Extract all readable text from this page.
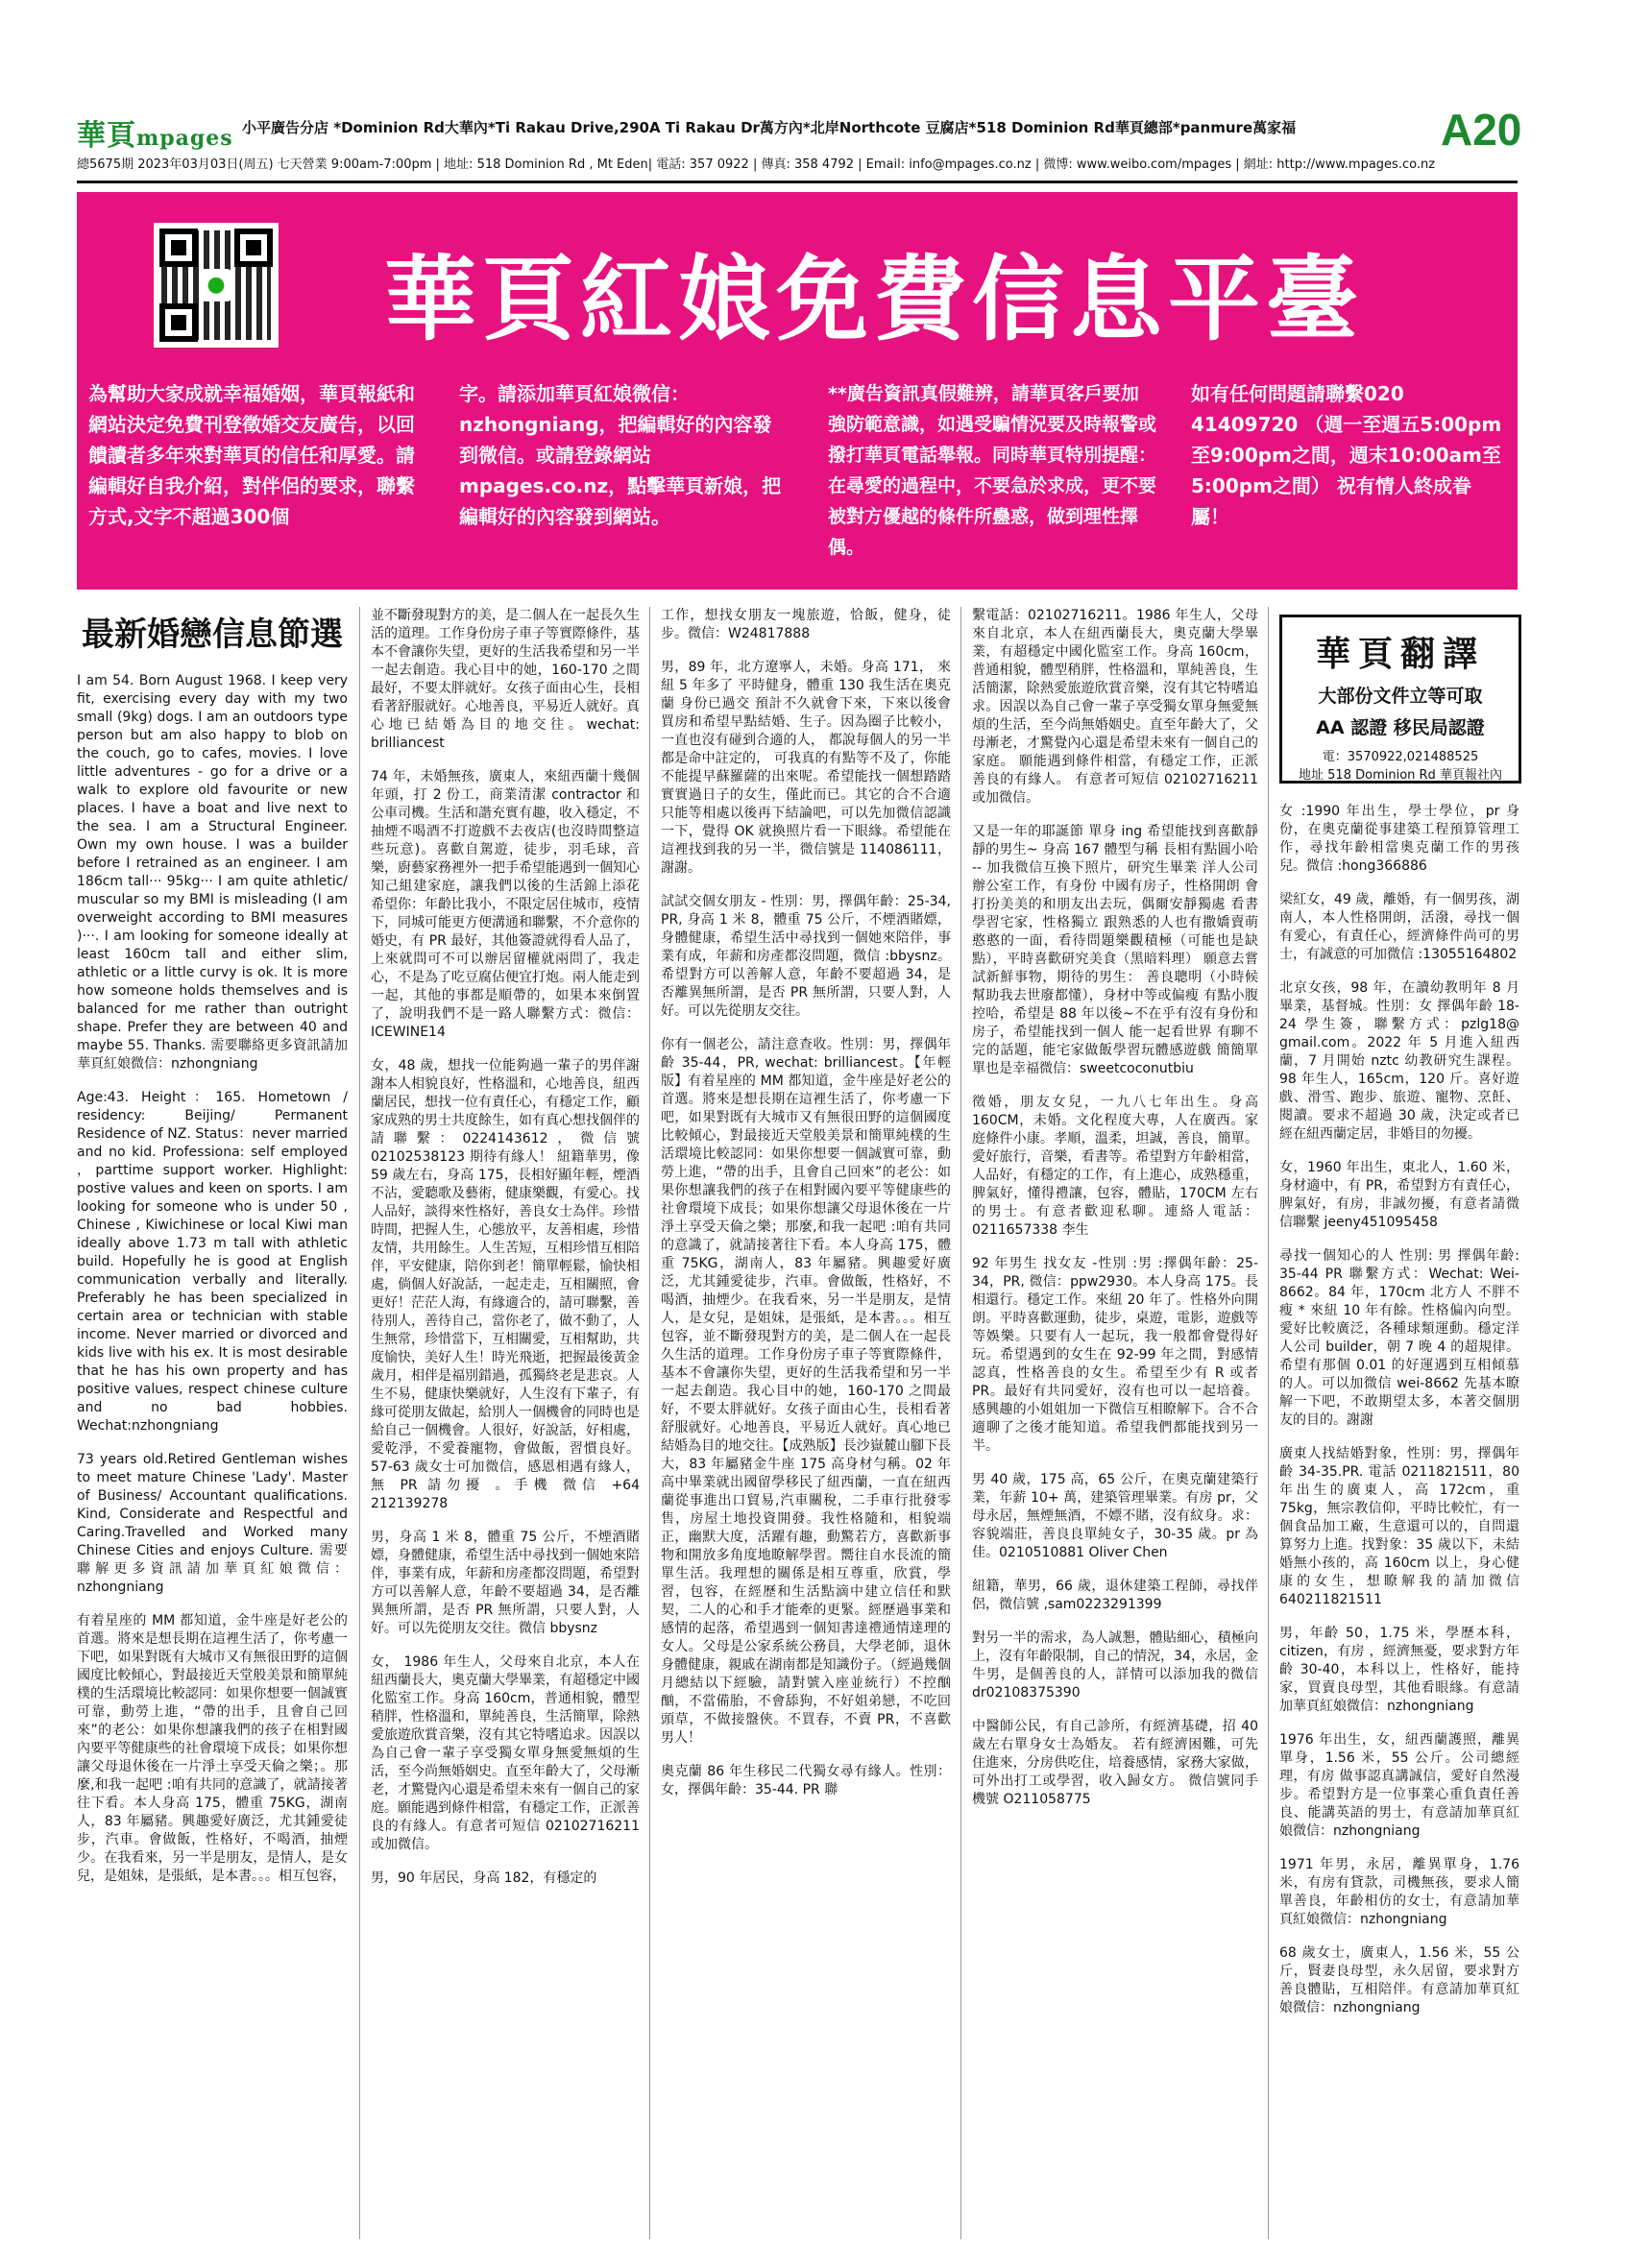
華頁mpages 小平廣告分店 *Dominion Rd大華內*Ti Rakau Drive,290A Ti Rakau Dr萬方內*北岸Northcote 豆腐店*518 Dominion Rd華頁總部*panmure萬家福
總5675期 2023年03月03日(周五) 七天營業 9:00am-7:00pm | 地址: 518 Dominion Rd , Mt Eden| 電話: 357 0922 | 傳真: 358 4792 | Email: info@mpages.co.nz | 微博: www.weibo.com/mpages | 網址: http://www.mpages.co.nz
A20
● 華頁紅娘免費信息平臺
為幫助大家成就幸福婚姻，華頁報紙和網站決定免費刊登徵婚交友廣告，以回饋讀者多年來對華頁的信任和厚愛。請編輯好自我介紹，對伴侶的要求，聯繫方式,文字不超過300個
字。請添加華頁紅娘微信：nzhongniang，把編輯好的內容發到微信。或請登錄網站 mpages.co.nz，點擊華頁新娘，把編輯好的內容發到網站。
**廣告資訊真假難辨，請華頁客戶要加強防範意識，如遇受騙情況要及時報警或撥打華頁電話舉報。同時華頁特別提醒：在尋愛的過程中，不要急於求成，更不要被對方優越的條件所蠱惑，做到理性擇偶。
如有任何問題請聯繫020 41409720 （週一至週五5:00pm至9:00pm之間，週末10:00am至5:00pm之間） 祝有情人終成眷屬！
最新婚戀信息節選

I am 54. Born August 1968. I keep very fit, exercising every day with my two small (9kg) dogs. I am an outdoors type person but am also happy to blob on the couch, go to cafes, movies. I love little adventures - go for a drive or a walk to explore old favourite or new places. I have a boat and live next to the sea. I am a Structural Engineer. Own my own house. I was a builder before I retrained as an engineer. I am 186cm tall··· 95kg··· I am quite athletic/ muscular so my BMI is misleading (I am overweight according to BMI measures )···. I am looking for someone ideally at least 160cm tall and either slim, athletic or a little curvy is ok. It is more how someone holds themselves and is balanced for me rather than outright shape. Prefer they are between 40 and maybe 55. Thanks. 需要聯絡更多資訊請加華頁紅娘微信：nzhongniang

Age:43. Height：165. Hometown / residency: Beijing/ Permanent Residence of NZ. Status：never married and no kid. Professiona: self employed ，parttime support worker. Highlight: postive values and keen on sports. I am looking for someone who is under 50 , Chinese , Kiwichinese or local Kiwi man ideally above 1.73 m tall with athletic build. Hopefully he is good at English communication verbally and literally. Preferably he has been specialized in certain area or technician with stable income. Never married or divorced and kids live with his ex. It is most desirable that he has his own property and has positive values, respect chinese culture and no bad hobbies. Wechat:nzhongniang

73 years old.Retired Gentleman wishes to meet mature Chinese 'Lady'. Master of Business/ Accountant qualifications. Kind, Considerate and Respectful and Caring.Travelled and Worked many Chinese Cities and enjoys Culture. 需要聯解更多資訊請加華頁紅娘微信：nzhongniang

有着星座的 MM 都知道，金牛座是好老公的首選。將來是想長期在這裡生活了，你考慮一下吧，如果對既有大城市又有無很田野的這個國度比較傾心，對最接近天堂般美景和簡單純樸的生活環境比較認同：如果你想要一個誠實可靠，動勞上進，“帶的出手，且會自己回來”的老公：如果你想讓我們的孩子在相對國內要平等健康些的社會環境下成長；如果你想讓父母退休後在一片淨土享受天倫之樂；。那麼,和我一起吧 :咱有共同的意識了，就請接著往下看。本人身高 175，體重 75KG，湖南人，83 年屬豬。興趣愛好廣泛，尤其鍾愛徒步，汽車。會做飯，性格好，不喝酒，抽煙少。在我看來，另一半是朋友，是情人，是女兒，是姐妹，是張紙，是本書。。。相互包容，

並不斷發現對方的美，是二個人在一起長久生活的道理。工作身份房子車子等實際條件，基本不會讓你失望，更好的生活我希望和另一半一起去創造。我心目中的她，160-170 之間最好，不要太胖就好。女孩子面由心生，長相看著舒服就好。心地善良，平易近人就好。真心地已結婚為目的地交往。wechat: brilliancest

74 年，未婚無孩，廣東人，來紐西蘭十幾個年頭，打 2 份工，商業清潔 contractor 和公車司機。生活和諧充實有趣，收入穩定，不抽煙不喝酒不打遊戲不去夜店(也沒時間整這些玩意)。喜歡自駕遊，徒步，羽毛球，音樂，廚藝家務裡外一把手希望能遇到一個知心知己組建家庭，讓我們以後的生活錦上添花 希望你：年齡比我小，不限定居住城市，疫情下，同城可能更方便溝通和聯繫，不介意你的婚史，有 PR 最好，其他簽證就得看人品了，上來就問可不可以辦居留權就兩問了，我走心，不是為了吃豆腐佔便宜打炮。兩人能走到一起，其他的事都是順帶的，如果本來倒置了，說明我們不是一路人聯繫方式：微信：ICEWINE14

女，48 歲，想找一位能夠過一輩子的男伴謝謝本人相貌良好，性格溫和，心地善良，紐西蘭居民，想找一位有責任心，有穩定工作，顧家成熟的男士共度餘生，如有真心想找個伴的請聯繫：0224143612，微信號 02102538123 期待有緣人！ 紐籍華男，像 59 歲左右，身高 175，長相好顯年輕，煙酒不沾，愛聽歌及藝術，健康樂觀，有愛心。找人品好，談得來性格好，善良女士為伴。珍惜時間，把握人生，心態放平，友善相處，珍惜友情，共用餘生。人生苦短，互相珍惜互相陪伴，平安健康，陪你到老！簡單輕鬆，愉快相處，倘個人好說話，一起走走，互相關照，會更好！茫茫人海，有緣適合的，請可聯繫，善待別人，善待自己，當你老了，做不動了，人生無常，珍惜當下，互相關愛，互相幫助，共度愉快，美好人生！時光飛逝，把握最後黃金歲月，相伴是福別錯過，孤獨終老是悲哀。人生不易，健康快樂就好，人生沒有下輩子，有緣可從朋友做起，給別人一個機會的同時也是給自己一個機會。人很好，好說話，好相處，愛乾淨，不愛養寵物，會做飯，習慣良好。57-63 歲女士可加微信，感恩相遇有緣人，無 PR 請勿擾 。手機 微信 +64 212139278

男，身高 1 米 8，體重 75 公斤，不煙酒賭嫖，身體健康，希望生活中尋找到一個她來陪伴，事業有成，年薪和房產都沒問題，希望對方可以善解人意，年齡不要超過 34，是否離異無所謂，是否 PR 無所謂，只要人對，人好。可以先從朋友交往。微信 bbysnz

女， 1986 年生人，父母來自北京，本人在紐西蘭長大，奧克蘭大學畢業，有超穩定中國化監室工作。身高 160cm，普通相貌，體型稍胖，性格溫和，單純善良，生活簡單，除熱愛旅遊欣賞音樂，沒有其它特嗜追求。因誤以為自己會一輩子享受獨女單身無愛無煩的生活，至今尚無婚姻史。直至年齡大了，父母漸老，才驚覺內心還是希望未來有一個自己的家庭。願能遇到條件相當，有穩定工作，正派善良的有緣人。有意者可短信 02102716211 或加微信。

男，90 年居民，身高 182，有穩定的

工作，想找女朋友一塊旅遊，恰飯，健身，徒步。微信：W24817888

男，89 年，北方遼寧人，未婚。身高 171， 來紐 5 年多了 平時健身，體重 130 我生活在奧克蘭 身份已過交 預計不久就會下來，下來以後會買房和希望早點結婚、生子。因為圈子比較小，一直也沒有碰到合適的人， 都說每個人的另一半都是命中註定的， 可我真的有點等不及了，你能不能提早蘇羅薩的出來呢。希望能找一個想踏踏實實過日子的女生，僅此而已。其它的合不合適只能等相處以後再下結論吧，可以先加微信認識一下，覺得 OK 就換照片看一下眼緣。希望能在這裡找到我的另一半，微信號是 114086111，謝謝。

試試交個女朋友 - 性別：男，擇偶年齡：25-34, PR, 身高 1 米 8，體重 75 公斤，不煙酒賭嫖，身體健康，希望生活中尋找到一個她來陪伴，事業有成，年薪和房產都沒問題，微信 :bbysnz。希望對方可以善解人意，年齡不要超過 34，是否離異無所謂，是否 PR 無所謂，只要人對，人好。可以先從朋友交往。

你有一個老公，請注意查收。性別：男，擇偶年齡 35-44，PR, wechat: brilliancest。【年輕版】有着星座的 MM 都知道，金牛座是好老公的首選。將來是想長期在這裡生活了，你考慮一下吧，如果對既有大城市又有無很田野的這個國度比較傾心，對最接近天堂般美景和簡單純樸的生活環境比較認同：如果你想要一個誠實可靠，動勞上進，“帶的出手，且會自己回來”的老公：如果你想讓我們的孩子在相對國內要平等健康些的社會環境下成長；如果你想讓父母退休後在一片淨土享受天倫之樂；那麼,和我一起吧 :咱有共同的意識了，就請接著往下看。本人身高 175，體重 75KG，湖南人，83 年屬豬。興趣愛好廣泛，尤其鍾愛徒步，汽車。會做飯，性格好，不喝酒，抽煙少。在我看來，另一半是朋友，是情人，是女兒，是姐妹，是張紙，是本書。。。相互包容，並不斷發現對方的美，是二個人在一起長久生活的道理。工作身份房子車子等實際條件，基本不會讓你失望，更好的生活我希望和另一半一起去創造。我心目中的她，160-170 之間最好，不要太胖就好。女孩子面由心生，長相看著舒服就好。心地善良，平易近人就好。真心地已結婚為目的地交往。【成熟版】長沙嶽麓山腳下長大，83 年屬豬金牛座 175 高身材勻稱。02 年高中畢業就出國留學移民了紐西蘭，一直在紐西蘭從事進出口貿易,汽車關稅，二手車行批發零售，房屋土地投資開發。我性格隨和，相貌端正，幽默大度，活躍有趣，動驚若方，喜歡新事物和開放多角度地瞭解學習。嚮往自水長流的簡單生活。我理想的關係是相互尊重，欣賞，學習，包容，在經歷和生活點滴中建立信任和默契，二人的心和手才能牽的更緊。經歷過事業和感情的起落，希望遇到一個知書達禮通情達理的女人。父母是公家系統公務員，大學老師，退休身體健康，親戚在湖南都是知識份子。（經過幾個月總結以下經驗，請對號入座並統行）不控酗酗，不當備胎，不會舔狗，不好姐弟戀，不吃回頭草，不做接盤俠。不買春，不賣 PR，不喜歡男人！

奧克蘭 86 年生移民二代獨女尋有緣人。性別：女，擇偶年齡：35-44. PR 聯

繫電話：02102716211。1986 年生人，父母來自北京，本人在紐西蘭長大，奧克蘭大學畢業，有超穩定中國化監室工作。身高 160cm，普通相貌，體型稍胖，性格溫和，單純善良，生活簡潔，除熱愛旅遊欣賞音樂，沒有其它特嗜追求。因誤以為自己會一輩子享受獨女單身無愛無煩的生活，至今尚無婚姻史。直至年齡大了，父母漸老，才驚覺內心還是希望未來有一個自己的家庭。 願能遇到條件相當，有穩定工作，正派善良的有緣人。 有意者可短信 02102716211 或加微信。

又是一年的耶誕節 單身 ing 希望能找到喜歡靜靜的男生~ 身高 167 體型勻稱 長相有點圓小哈 -- 加我微信互換下照片，研究生畢業 洋人公司辦公室工作，有身份 中國有房子，性格開朗 會打扮美美的和朋友出去玩，偶爾安靜獨處 看書學習宅家，性格獨立 跟熟悉的人也有撒嬌賣萌憨憨的一面，看待問題樂觀積極（可能也是缺點），平時喜歡研究美食（黑暗料理） 願意去嘗試新鮮事物，期待的男生： 善良聰明（小時候幫助我去世廢都懂），身材中等或偏瘦 有點小腹控哈，希望是 88 年以後~不在乎有沒有身份和房子，希望能找到一個人 能一起看世界 有聊不完的話題，能宅家做飯學習玩體感遊戲 簡簡單單也是幸福微信：sweetcoconutbiu

徵婚，朋友女兒，一九八七年出生。身高 160CM，未婚。文化程度大專，人在廣西。家庭條件小康。孝順，溫柔，坦誠，善良，簡單。愛好旅行，音樂，看書等。希望對方年齡相當，人品好，有穩定的工作，有上進心，成熟穩重，脾氣好，懂得禮讓，包容，體貼，170CM 左右的男士。有意者歡迎私聊。連絡人電話：0211657338 李生

92 年男生 找女友 -性別 :男 :擇偶年齡：25-34，PR, 微信：ppw2930。本人身高 175。長相還行。穩定工作。來紐 20 年了。性格外向開朗。平時喜歡運動，徒步，桌遊，電影，遊戲等等娛樂。只要有人一起玩，我一般都會覺得好玩。希望遇到的女生在 92-99 年之間，對感情認真，性格善良的女生。希望至少有 R 或者 PR。最好有共同愛好，沒有也可以一起培養。感興趣的小姐姐加一下微信互相瞭解下。合不合適聊了之後才能知道。希望我們都能找到另一半。

男 40 歲，175 高，65 公斤，在奧克蘭建築行業，年薪 10+ 萬，建築管理畢業。有房 pr，父母永居，無煙無酒，不嫖不賭，沒有紋身。求：容貌端莊，善良良單純女子，30-35 歲。pr 為佳。0210510881 Oliver Chen

紐籍，華男，66 歲，退休建築工程師，尋找伴侶，微信號 ,sam0223291399

對另一半的需求，為人誠懇，體貼細心，積極向上，沒有年齡限制，自己的情況，34，永居，金牛男，是個善良的人，詳情可以添加我的微信 dr02108375390

中醫師公民，有自己診所，有經濟基礎，招 40 歲左右單身女士為婚友。 若有經濟困難，可先住進來，分房供吃住，培養感情，家務大家做，可外出打工或學習，收入歸女方。 微信號同手機號 O211058775

華頁翻譯
大部份文件立等可取
AA 認證 移民局認證
電：3570922,021488525
地址 518 Dominion Rd 華頁報社內

女 :1990 年出生，學士學位，pr 身份，在奧克蘭從事建築工程預算管理工作，尋找年齡相當奧克蘭工作的男孩兒。微信 :hong366886

梁紅女，49 歲，離婚，有一個男孩，湖南人，本人性格開朗，活潑，尋找一個有愛心，有責任心，經濟條件尚可的男士，有誠意的可加微信 :13055164802

北京女孩，98 年，在讀幼教明年 8 月畢業，基督城。性別：女 擇偶年齡 18-24 學生簽，聯繫方式：pzlg18@ gmail.com。2022 年 5 月進入紐西蘭，7 月開始 nztc 幼教研究生課程。98 年生人，165cm，120 斤。喜好遊戲、滑雪、跑步、旅遊、寵物、烹飪、閱讀。要求不超過 30 歲，決定或者已經在紐西蘭定居，非婚目的勿擾。

女，1960 年出生，東北人，1.60 米，身材適中，有 PR，希望對方有責任心，脾氣好，有房，非誠勿擾，有意者請微信聯繫 jeeny451095458

尋找一個知心的人 性別: 男 擇偶年齡: 35-44 PR 聯繫方式：Wechat: Wei-8662。84 年，170cm 北方人 不胖不瘦 * 來紐 10 年有餘。性格偏內向型。愛好比較廣泛，各種球類運動。穩定洋人公司 builder，朝 7 晚 4 的超規律。希望有那個 0.01 的好運遇到互相傾慕的人。可以加微信 wei-8662 先基本瞭解一下吧，不敢期望太多，本著交個朋友的目的。謝謝

廣東人找結婚對象，性別：男，擇偶年齡 34-35.PR. 電話 0211821511，80 年出生的廣東人，高 172cm，重 75kg，無宗教信仰，平時比較忙，有一個食品加工廠，生意還可以的，自問還算努力上進。找對象：35 歲以下，未結婚無小孩的，高 160cm 以上，身心健康的女生，想瞭解我的請加微信 640211821511

男，年齡 50，1.75 米，學歷本科，citizen，有房 ，經濟無憂，要求對方年齡 30-40，本科以上，性格好，能持家，買賣良母型，其他看眼緣。有意請加華頁紅娘微信：nzhongniang

1976 年出生，女，紐西蘭護照，離異單身，1.56 米，55 公斤。公司總經理，有房 做事認真講誠信，愛好自然漫步。希望對方是一位事業心重負責任善良、能講英語的男士，有意請加華頁紅娘微信：nzhongniang

1971 年男，永居，離異單身，1.76 米，有房有貸款，司機無孩，要求人簡單善良，年齡相仿的女士，有意請加華頁紅娘微信：nzhongniang

68 歲女士，廣東人，1.56 米，55 公斤，賢妻良母型，永久居留，要求對方善良體貼，互相陪伴。有意請加華頁紅娘微信：nzhongniang
